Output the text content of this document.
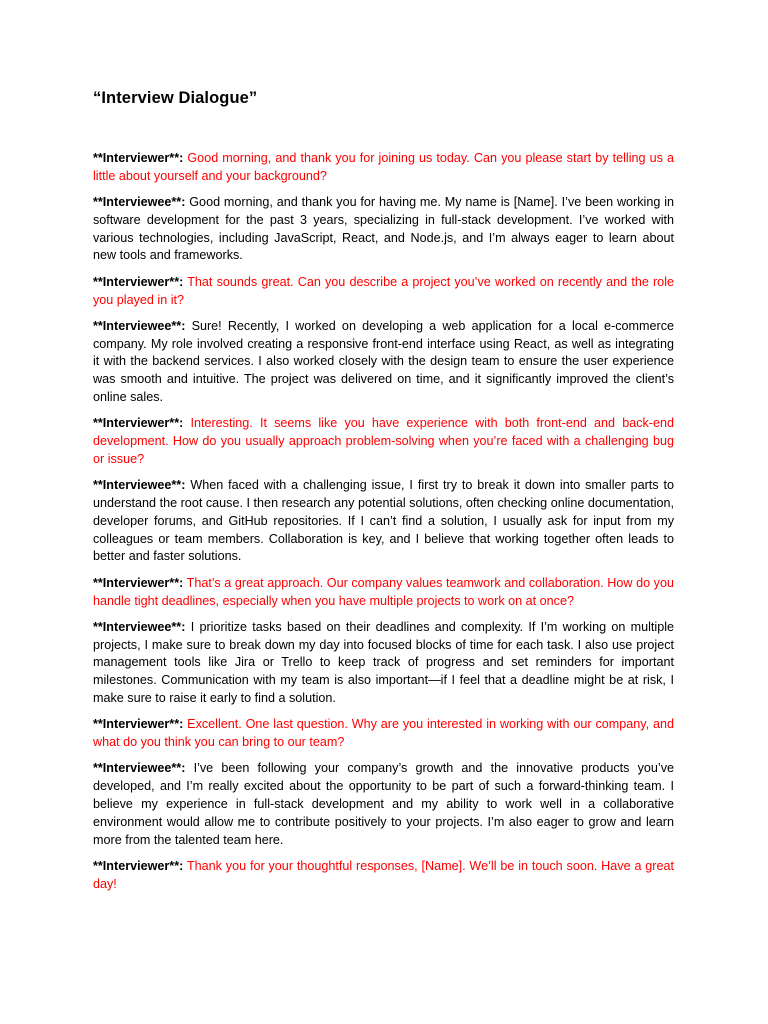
“Interview Dialogue”

**Interviewer**: Good morning, and thank you for joining us today. Can you please start by telling us a little about yourself and your background?

**Interviewee**: Good morning, and thank you for having me. My name is [Name]. I’ve been working in software development for the past 3 years, specializing in full-stack development. I’ve worked with various technologies, including JavaScript, React, and Node.js, and I’m always eager to learn about new tools and frameworks.

**Interviewer**: That sounds great. Can you describe a project you’ve worked on recently and the role you played in it?

**Interviewee**: Sure! Recently, I worked on developing a web application for a local e-commerce company. My role involved creating a responsive front-end interface using React, as well as integrating it with the backend services. I also worked closely with the design team to ensure the user experience was smooth and intuitive. The project was delivered on time, and it significantly improved the client’s online sales.

**Interviewer**: Interesting. It seems like you have experience with both front-end and back-end development. How do you usually approach problem-solving when you’re faced with a challenging bug or issue?

**Interviewee**: When faced with a challenging issue, I first try to break it down into smaller parts to understand the root cause. I then research any potential solutions, often checking online documentation, developer forums, and GitHub repositories. If I can’t find a solution, I usually ask for input from my colleagues or team members. Collaboration is key, and I believe that working together often leads to better and faster solutions.

**Interviewer**: That’s a great approach. Our company values teamwork and collaboration. How do you handle tight deadlines, especially when you have multiple projects to work on at once?

**Interviewee**: I prioritize tasks based on their deadlines and complexity. If I’m working on multiple projects, I make sure to break down my day into focused blocks of time for each task. I also use project management tools like Jira or Trello to keep track of progress and set reminders for important milestones. Communication with my team is also important—if I feel that a deadline might be at risk, I make sure to raise it early to find a solution.

**Interviewer**: Excellent. One last question. Why are you interested in working with our company, and what do you think you can bring to our team?

**Interviewee**: I’ve been following your company’s growth and the innovative products you’ve developed, and I’m really excited about the opportunity to be part of such a forward-thinking team. I believe my experience in full-stack development and my ability to work well in a collaborative environment would allow me to contribute positively to your projects. I’m also eager to grow and learn more from the talented team here.

**Interviewer**: Thank you for your thoughtful responses, [Name]. We’ll be in touch soon. Have a great day!
